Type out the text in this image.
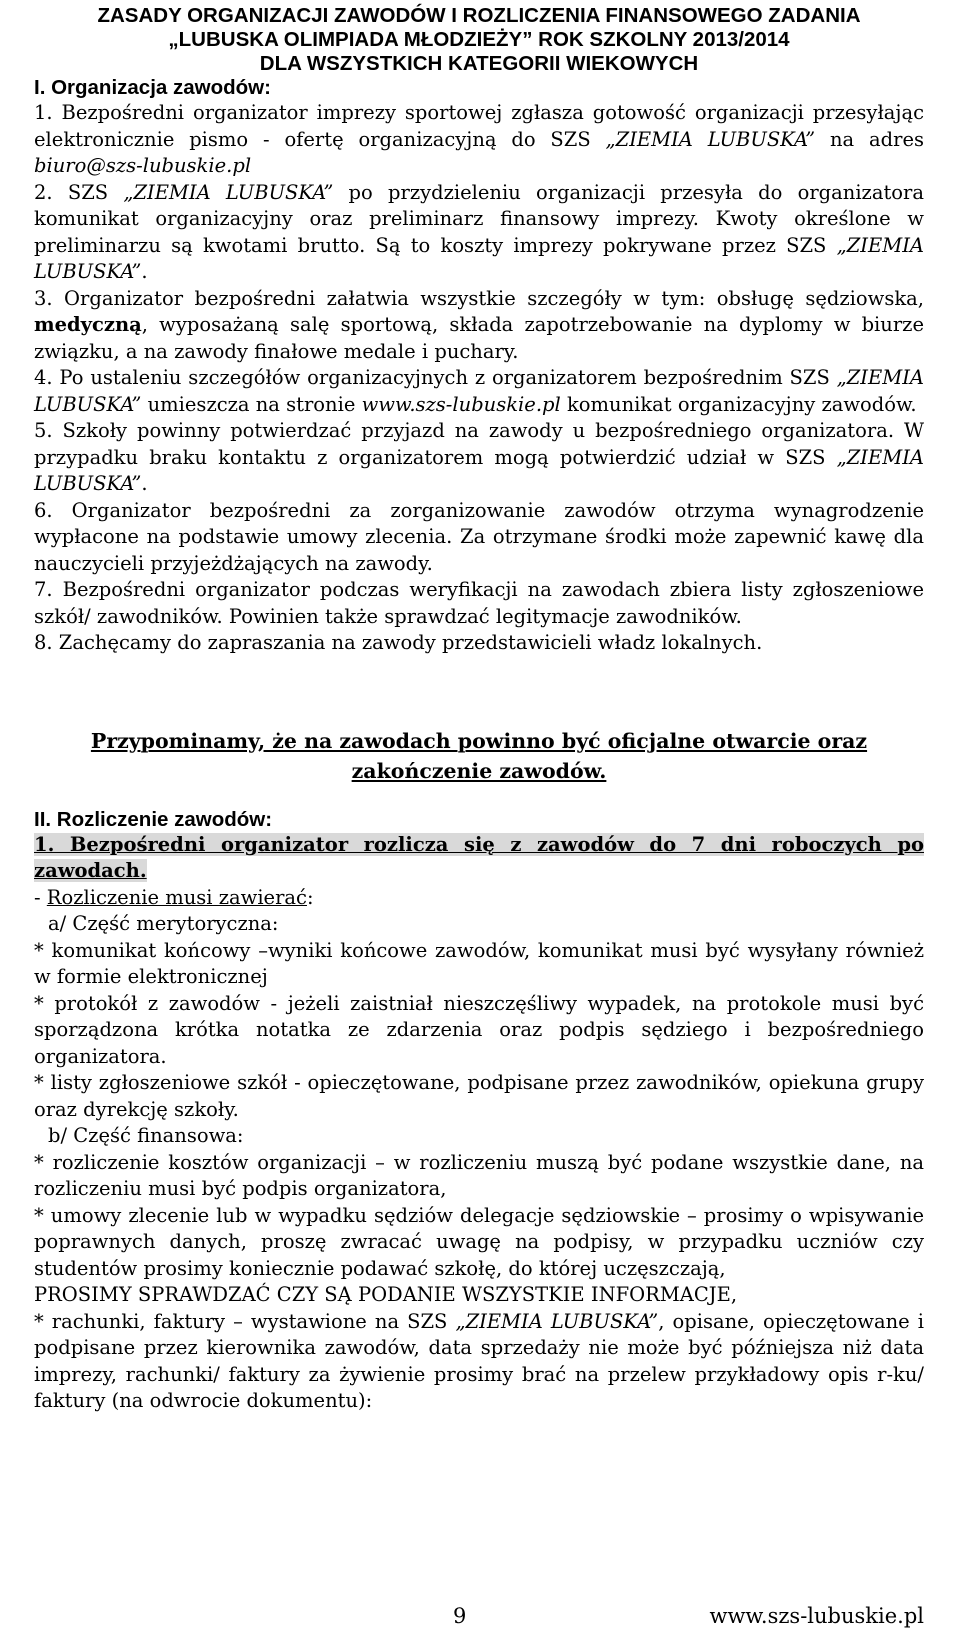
ZASADY ORGANIZACJI ZAWODÓW I ROZLICZENIA FINANSOWEGO ZADANIA
„LUBUSKA OLIMPIADA MŁODZIEŻY” ROK SZKOLNY 2013/2014
DLA WSZYSTKICH KATEGORII WIEKOWYCH
I. Organizacja zawodów:

1. Bezpośredni organizator imprezy sportowej zgłasza gotowość organizacji przesyłając elektronicznie pismo - ofertę organizacyjną do SZS „ZIEMIA LUBUSKA” na adres biuro@szs-lubuskie.pl

2. SZS „ZIEMIA LUBUSKA” po przydzieleniu organizacji przesyła do organizatora komunikat organizacyjny oraz preliminarz finansowy imprezy. Kwoty określone w preliminarzu są kwotami brutto. Są to koszty imprezy pokrywane przez SZS „ZIEMIA LUBUSKA”.

3. Organizator bezpośredni załatwia wszystkie szczegóły w tym: obsługę sędziowska, medyczną, wyposażaną salę sportową, składa zapotrzebowanie na dyplomy w biurze związku, a na zawody finałowe medale i puchary.

4. Po ustaleniu szczegółów organizacyjnych z organizatorem bezpośrednim SZS „ZIEMIA LUBUSKA” umieszcza na stronie www.szs-lubuskie.pl komunikat organizacyjny zawodów.

5. Szkoły powinny potwierdzać przyjazd na zawody u bezpośredniego organizatora. W przypadku braku kontaktu z organizatorem mogą potwierdzić udział w SZS „ZIEMIA LUBUSKA”.

6. Organizator bezpośredni za zorganizowanie zawodów otrzyma wynagrodzenie wypłacone na podstawie umowy zlecenia. Za otrzymane środki może zapewnić kawę dla nauczycieli przyjeżdżających na zawody.

7. Bezpośredni organizator podczas weryfikacji na zawodach zbiera listy zgłoszeniowe szkół/ zawodników. Powinien także sprawdzać legitymacje zawodników.

8. Zachęcamy do zapraszania na zawody przedstawicieli władz lokalnych.

Przypominamy, że na zawodach powinno być oficjalne otwarcie oraz
zakończenie zawodów.
II. Rozliczenie zawodów:

1. Bezpośredni organizator rozlicza się z zawodów do 7 dni roboczych po zawodach.

- Rozliczenie musi zawierać:

a/ Część merytoryczna:

* komunikat końcowy –wyniki końcowe zawodów, komunikat musi być wysyłany również w formie elektronicznej

* protokół z zawodów - jeżeli zaistniał nieszczęśliwy wypadek, na protokole musi być sporządzona krótka notatka ze zdarzenia oraz podpis sędziego i bezpośredniego organizatora.

* listy zgłoszeniowe szkół - opieczętowane, podpisane przez zawodników, opiekuna grupy oraz dyrekcję szkoły.

b/ Część finansowa:

* rozliczenie kosztów organizacji – w rozliczeniu muszą być podane wszystkie dane, na rozliczeniu musi być podpis organizatora,

* umowy zlecenie lub w wypadku sędziów delegacje sędziowskie – prosimy o wpisywanie poprawnych danych, proszę zwracać uwagę na podpisy, w przypadku uczniów czy studentów prosimy koniecznie podawać szkołę, do której uczęszczają,

PROSIMY SPRAWDZAĆ CZY SĄ PODANIE WSZYSTKIE INFORMACJE,

* rachunki, faktury – wystawione na SZS „ZIEMIA LUBUSKA”, opisane, opieczętowane i podpisane przez kierownika zawodów, data sprzedaży nie może być późniejsza niż data imprezy, rachunki/ faktury za żywienie prosimy brać na przelew przykładowy opis r-ku/ faktury (na odwrocie dokumentu):

9	www.szs-lubuskie.pl
